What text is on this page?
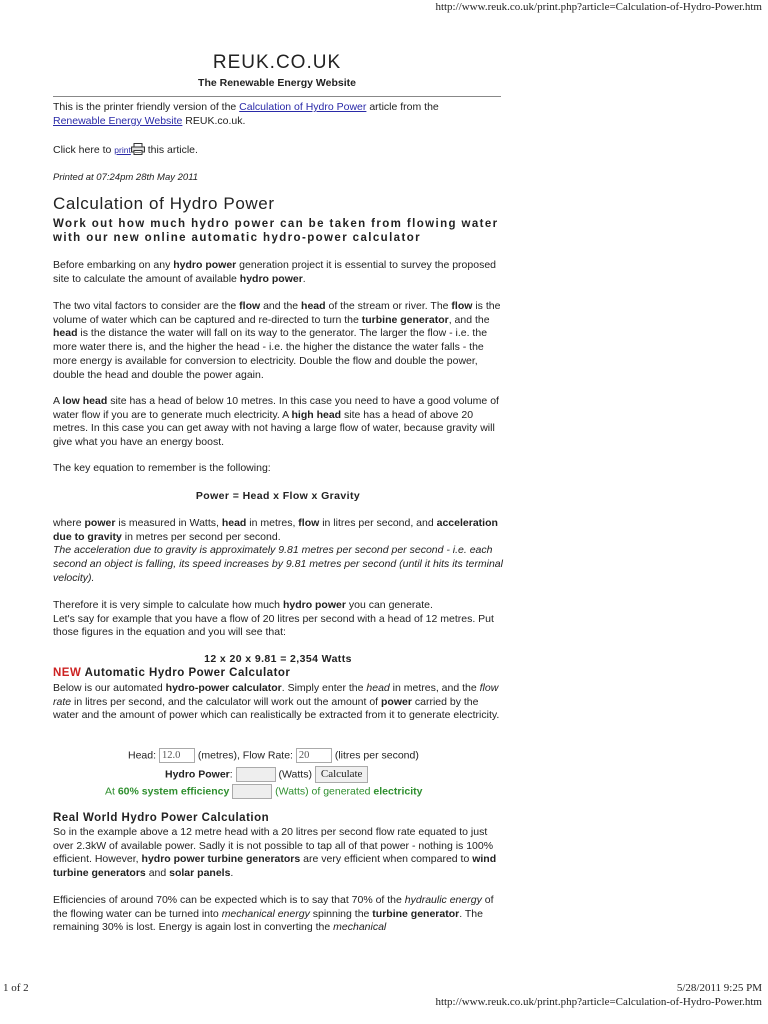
http://www.reuk.co.uk/print.php?article=Calculation-of-Hydro-Power.htm
REUK.CO.UK
The Renewable Energy Website
This is the printer friendly version of the Calculation of Hydro Power article from the
Renewable Energy Website REUK.co.uk.
Click here to print this article.
Printed at 07:24pm 28th May 2011
Calculation of Hydro Power
Work out how much hydro power can be taken from flowing water with our new online automatic hydro-power calculator
Before embarking on any hydro power generation project it is essential to survey the proposed site to calculate the amount of available hydro power.
The two vital factors to consider are the flow and the head of the stream or river. The flow is the volume of water which can be captured and re-directed to turn the turbine generator, and the head is the distance the water will fall on its way to the generator. The larger the flow - i.e. the more water there is, and the higher the head - i.e. the higher the distance the water falls - the more energy is available for conversion to electricity. Double the flow and double the power, double the head and double the power again.
A low head site has a head of below 10 metres. In this case you need to have a good volume of water flow if you are to generate much electricity. A high head site has a head of above 20 metres. In this case you can get away with not having a large flow of water, because gravity will give what you have an energy boost.
The key equation to remember is the following:
Power = Head x Flow x Gravity
where power is measured in Watts, head in metres, flow in litres per second, and acceleration due to gravity in metres per second per second.
The acceleration due to gravity is approximately 9.81 metres per second per second - i.e. each second an object is falling, its speed increases by 9.81 metres per second (until it hits its terminal velocity).
Therefore it is very simple to calculate how much hydro power you can generate.
Let's say for example that you have a flow of 20 litres per second with a head of 12 metres. Put those figures in the equation and you will see that:
12 x 20 x 9.81 = 2,354 Watts
NEW Automatic Hydro Power Calculator
Below is our automated hydro-power calculator. Simply enter the head in metres, and the flow rate in litres per second, and the calculator will work out the amount of power carried by the water and the amount of power which can realistically be extracted from it to generate electricity.
Head: 12.0 (metres), Flow Rate: 20 (litres per second)
Hydro Power:	(Watts) Calculate
At 60% system efficiency	(Watts) of generated electricity
Real World Hydro Power Calculation
So in the example above a 12 metre head with a 20 litres per second flow rate equated to just over 2.3kW of available power. Sadly it is not possible to tap all of that power - nothing is 100% efficient. However, hydro power turbine generators are very efficient when compared to wind turbine generators and solar panels.
Efficiencies of around 70% can be expected which is to say that 70% of the hydraulic energy of the flowing water can be turned into mechanical energy spinning the turbine generator. The remaining 30% is lost. Energy is again lost in converting the mechanical
1 of 2	5/28/2011 9:25 PM
http://www.reuk.co.uk/print.php?article=Calculation-of-Hydro-Power.htm
